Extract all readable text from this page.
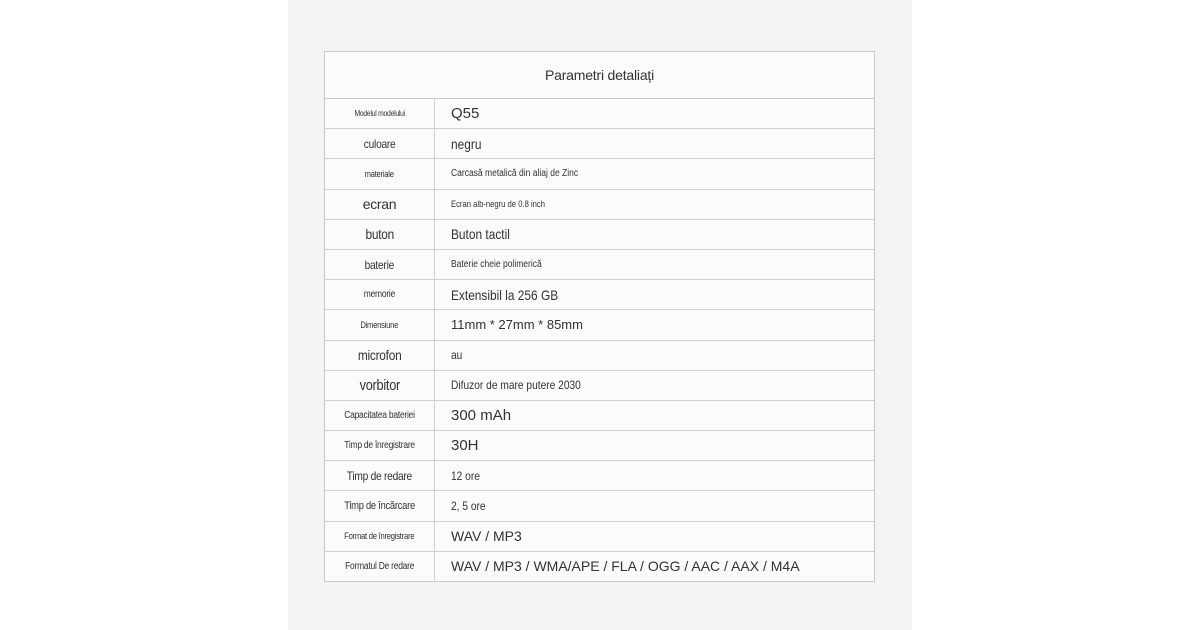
Parametri detaliați
Modelul modelului	Q55
culoare	negru
materiale	Carcasă metalică din aliaj de Zinc
ecran	Ecran alb-negru de 0.8 inch
buton	Buton tactil
baterie	Baterie cheie polimerică
memorie	Extensibil la 256 GB
Dimensiune	11mm * 27mm * 85mm
microfon	au
vorbitor	Difuzor de mare putere 2030
Capacitatea bateriei	300 mAh
Timp de înregistrare	30H
Timp de redare	12 ore
Timp de încărcare	2, 5 ore
Format de înregistrare	WAV / MP3
Formatul De redare	WAV / MP3 / WMA/APE / FLA / OGG / AAC / AAX / M4A
